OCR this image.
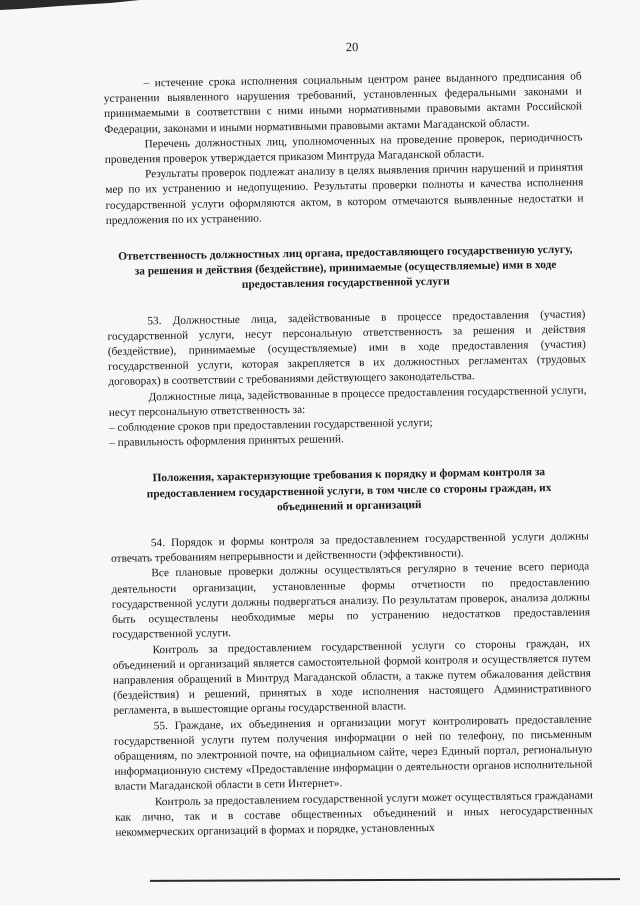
20

– истечение срока исполнения социальным центром ранее выданного предписания об устранении выявленного нарушения требований, установленных федеральными законами и принимаемыми в соответствии с ними иными нормативными правовыми актами Российской Федерации, законами и иными нормативными правовыми актами Магаданской области.

Перечень должностных лиц, уполномоченных на проведение проверок, периодичность проведения проверок утверждается приказом Минтруда Магаданской области.

Результаты проверок подлежат анализу в целях выявления причин нарушений и принятия мер по их устранению и недопущению. Результаты проверки полноты и качества исполнения государственной услуги оформляются актом, в котором отмечаются выявленные недостатки и предложения по их устранению.

Ответственность должностных лиц органа, предоставляющего государственную услугу, за решения и действия (бездействие), принимаемые (осуществляемые) ими в ходе предоставления государственной услуги

53. Должностные лица, задействованные в процессе предоставления (участия) государственной услуги, несут персональную ответственность за решения и действия (бездействие), принимаемые (осуществляемые) ими в ходе предоставления (участия) государственной услуги, которая закрепляется в их должностных регламентах (трудовых договорах) в соответствии с требованиями действующего законодательства.

Должностные лица, задействованные в процессе предоставления государственной услуги, несут персональную ответственность за:

– соблюдение сроков при предоставлении государственной услуги;

– правильность оформления принятых решений.

Положения, характеризующие требования к порядку и формам контроля за предоставлением государственной услуги, в том числе со стороны граждан, их объединений и организаций

54. Порядок и формы контроля за предоставлением государственной услуги должны отвечать требованиям непрерывности и действенности (эффективности).

Все плановые проверки должны осуществляться регулярно в течение всего периода деятельности организации, установленные формы отчетности по предоставлению государственной услуги должны подвергаться анализу. По результатам проверок, анализа должны быть осуществлены необходимые меры по устранению недостатков предоставления государственной услуги.

Контроль за предоставлением государственной услуги со стороны граждан, их объединений и организаций является самостоятельной формой контроля и осуществляется путем направления обращений в Минтруд Магаданской области, а также путем обжалования действия (бездействия) и решений, принятых в ходе исполнения настоящего Административного регламента, в вышестоящие органы государственной власти.

55. Граждане, их объединения и организации могут контролировать предоставление государственной услуги путем получения информации о ней по телефону, по письменным обращениям, по электронной почте, на официальном сайте, через Единый портал, региональную информационную систему «Предоставление информации о деятельности органов исполнительной власти Магаданской области в сети Интернет».

Контроль за предоставлением государственной услуги может осуществляться гражданами как лично, так и в составе общественных объединений и иных негосударственных некоммерческих организаций в формах и порядке, установленных
